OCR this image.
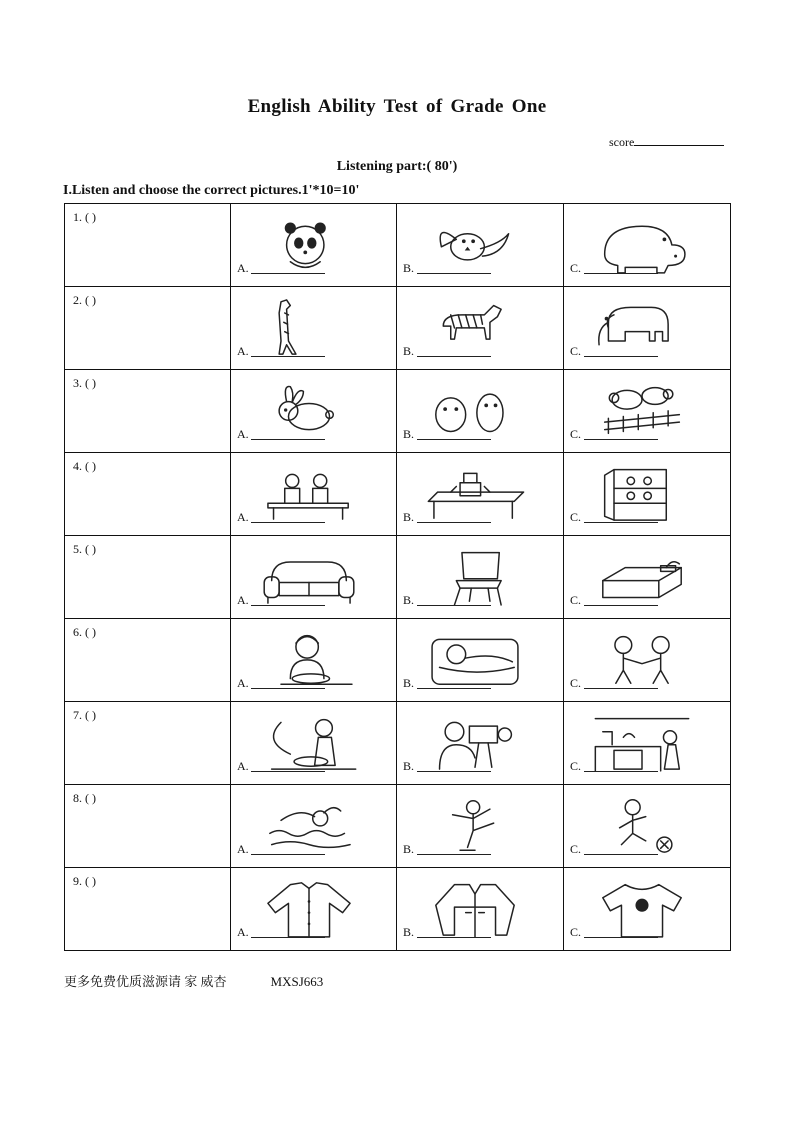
English Ability Test of Grade One
score
Listening part:( 80')
I.Listen and choose the correct pictures.1'*10=10'
1. ( )	A.	B.	C.

2. ( )	A.	B.	C.

3. ( )	A.	B.	C.

4. ( )	A.	B.	C.

5. ( )	A.	B.	C.

6. ( )	A.	B.	C.

7. ( )	A.	B.	C.

8. ( )	A.	B.	C.

9. ( )	A.	B.	C.
更多免费优质滋源请 家 威杏	MXSJ663
